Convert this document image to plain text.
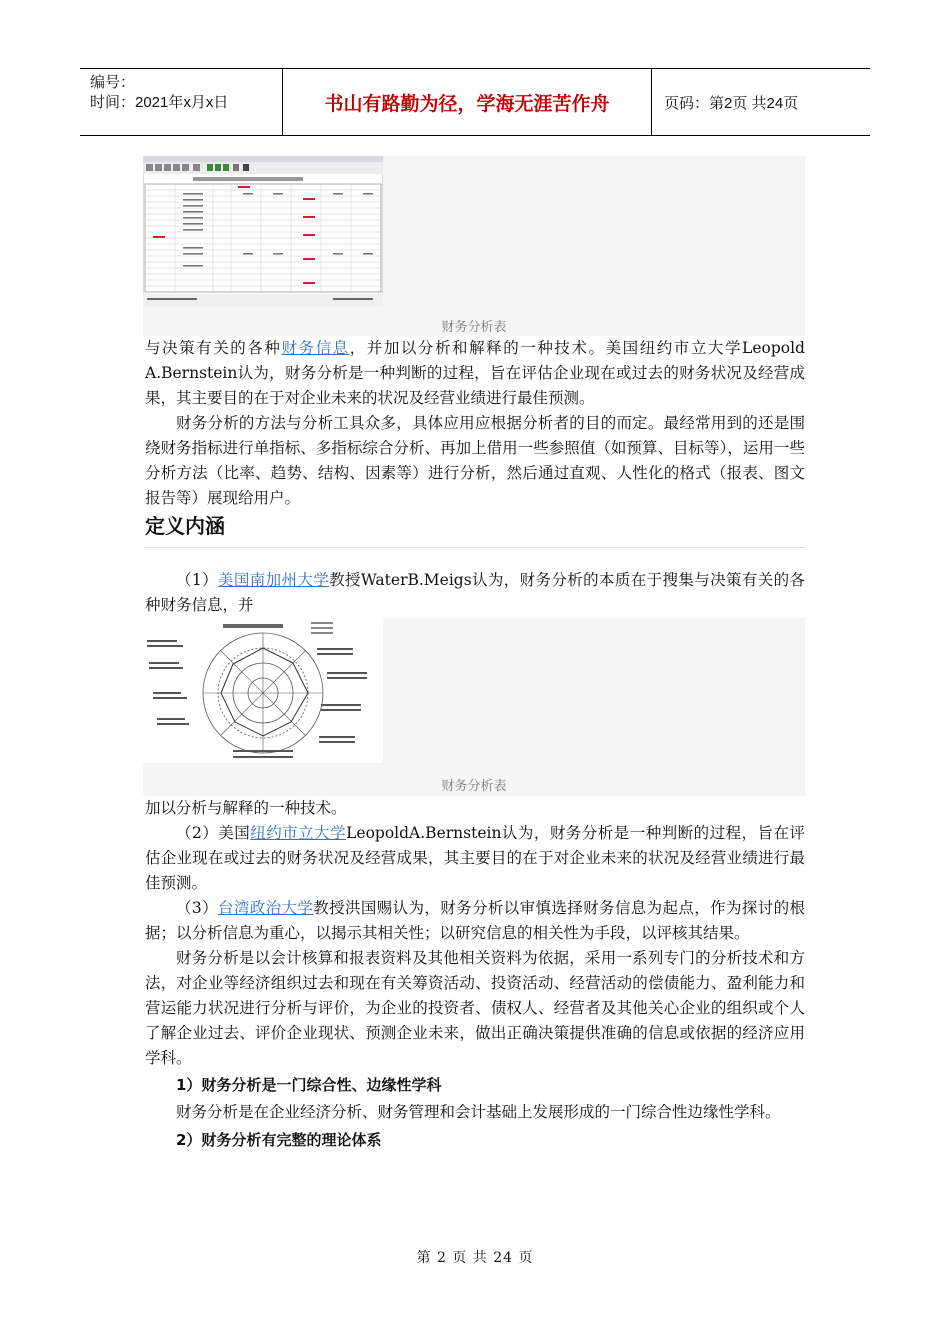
编号：
时间：2021年x月x日	书山有路勤为径，学海无涯苦作舟	页码：第2页 共24页
财务分析表

与决策有关的各种财务信息，并加以分析和解释的一种技术。美国纽约市立大学Leopold A.Bernstein认为，财务分析是一种判断的过程，旨在评估企业现在或过去的财务状况及经营成果，其主要目的在于对企业未来的状况及经营业绩进行最佳预测。

财务分析的方法与分析工具众多，具体应用应根据分析者的目的而定。最经常用到的还是围绕财务指标进行单指标、多指标综合分析、再加上借用一些参照值（如预算、目标等），运用一些分析方法（比率、趋势、结构、因素等）进行分析，然后通过直观、人性化的格式（报表、图文报告等）展现给用户。

定义内涵

（1）美国南加州大学教授WaterB.Meigs认为，财务分析的本质在于搜集与决策有关的各种财务信息，并

财务分析表

加以分析与解释的一种技术。

（2）美国纽约市立大学LeopoldA.Bernstein认为，财务分析是一种判断的过程，旨在评估企业现在或过去的财务状况及经营成果，其主要目的在于对企业未来的状况及经营业绩进行最佳预测。

（3）台湾政治大学教授洪国赐认为，财务分析以审慎选择财务信息为起点，作为探讨的根据；以分析信息为重心，以揭示其相关性；以研究信息的相关性为手段，以评核其结果。

财务分析是以会计核算和报表资料及其他相关资料为依据，采用一系列专门的分析技术和方法，对企业等经济组织过去和现在有关筹资活动、投资活动、经营活动的偿债能力、盈利能力和营运能力状况进行分析与评价，为企业的投资者、债权人、经营者及其他关心企业的组织或个人了解企业过去、评价企业现状、预测企业未来，做出正确决策提供准确的信息或依据的经济应用学科。

1）财务分析是一门综合性、边缘性学科

财务分析是在企业经济分析、财务管理和会计基础上发展形成的一门综合性边缘性学科。

2）财务分析有完整的理论体系

第 2 页 共 24 页
